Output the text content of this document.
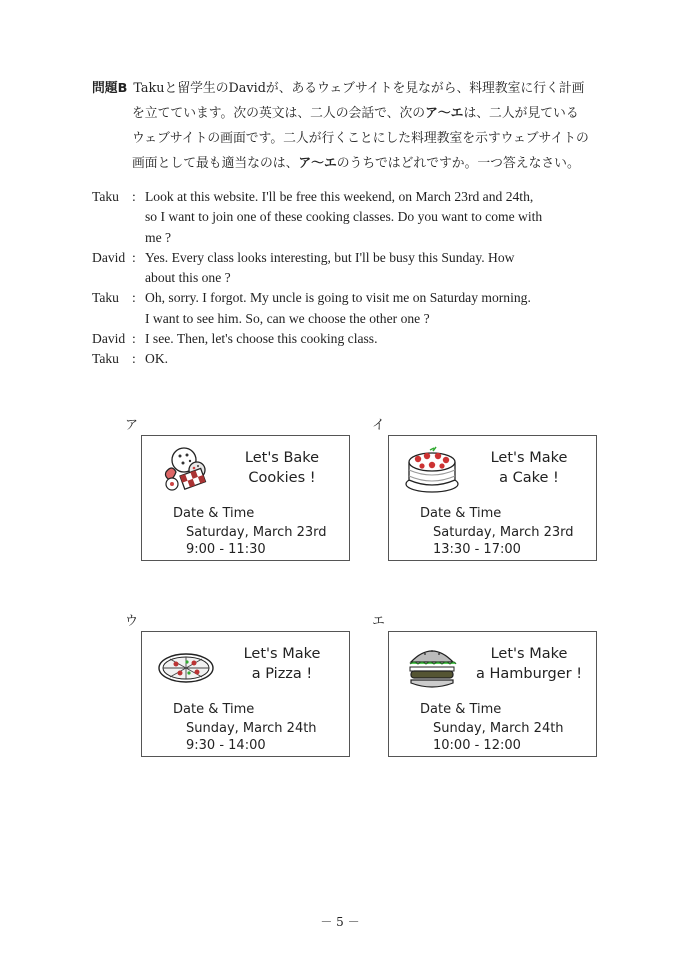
問題B Takuと留学生のDavidが、あるウェブサイトを見ながら、料理教室に行く計画
を立てています。次の英文は、二人の会話で、次のア～エは、二人が見ている
ウェブサイトの画面です。二人が行くことにした料理教室を示すウェブサイトの
画面として最も適当なのは、ア～エのうちではどれですか。一つ答えなさい。
Taku : Look at this website. I'll be free this weekend, on March 23rd and 24th,
so I want to join one of these cooking classes. Do you want to come with
me ?
David : Yes. Every class looks interesting, but I'll be busy this Sunday. How
about this one ?
Taku : Oh, sorry. I forgot. My uncle is going to visit me on Saturday morning.
I want to see him. So, can we choose the other one ?
David : I see. Then, let's choose this cooking class.
Taku : OK.
ア
Let's Bake
Cookies !
Date & Time
Saturday, March 23rd
9:00 - 11:30
イ
Let's Make
a Cake !
Date & Time
Saturday, March 23rd
13:30 - 17:00
ウ
Let's Make
a Pizza !
Date & Time
Sunday, March 24th
9:30 - 14:00
エ
Let's Make
a Hamburger !
Date & Time
Sunday, March 24th
10:00 - 12:00
－ 5 －
